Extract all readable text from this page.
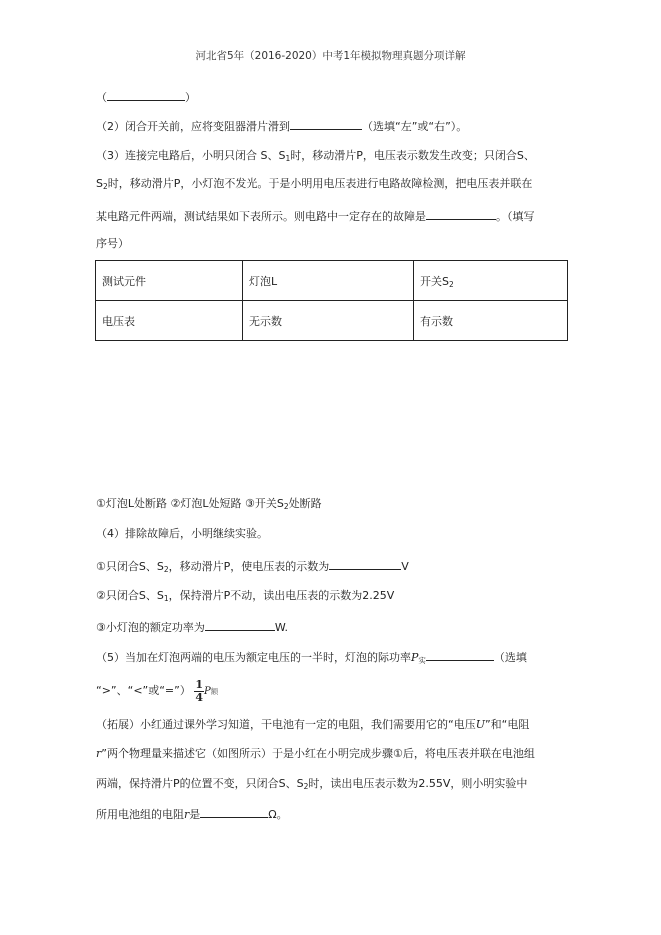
河北省5年（2016-2020）中考1年模拟物理真题分项详解
（	）
（2）闭合开关前，应将变阻器滑片滑到	（选填“左”或“右”）。
（3）连接完电路后，小明只闭合 S、$S_1$时，移动滑片P，电压表示数发生改变；只闭合S、
$S_2$时，移动滑片P，小灯泡不发光。于是小明用电压表进行电路故障检测，把电压表并联在
某电路元件两端，测试结果如下表所示。则电路中一定存在的故障是	。（填写
序号）
测试元件	灯泡L	开关$S_2$
电压表	无示数	有示数
①灯泡L处断路 ②灯泡L处短路 ③开关$S_2$处断路
（4）排除故障后，小明继续实验。
①只闭合S、$S_2$，移动滑片P，使电压表的示数为	V
②只闭合S、$S_1$，保持滑片P不动，读出电压表的示数为2.25V
③小灯泡的额定功率为	W.
（5）当加在灯泡两端的电压为额定电压的一半时，灯泡的际功率$P_实$	（选填
“>”、“<”或“=”） $\frac{1}{4}$ P额
（拓展）小红通过课外学习知道，干电池有一定的电阻，我们需要用它的“电压U”和“电阻
r”两个物理量来描述它（如图所示）于是小红在小明完成步骤①后，将电压表并联在电池组
两端，保持滑片P的位置不变，只闭合S、$S_2$时，读出电压表示数为2.55V，则小明实验中
所用电池组的电阻r是	Ω。
